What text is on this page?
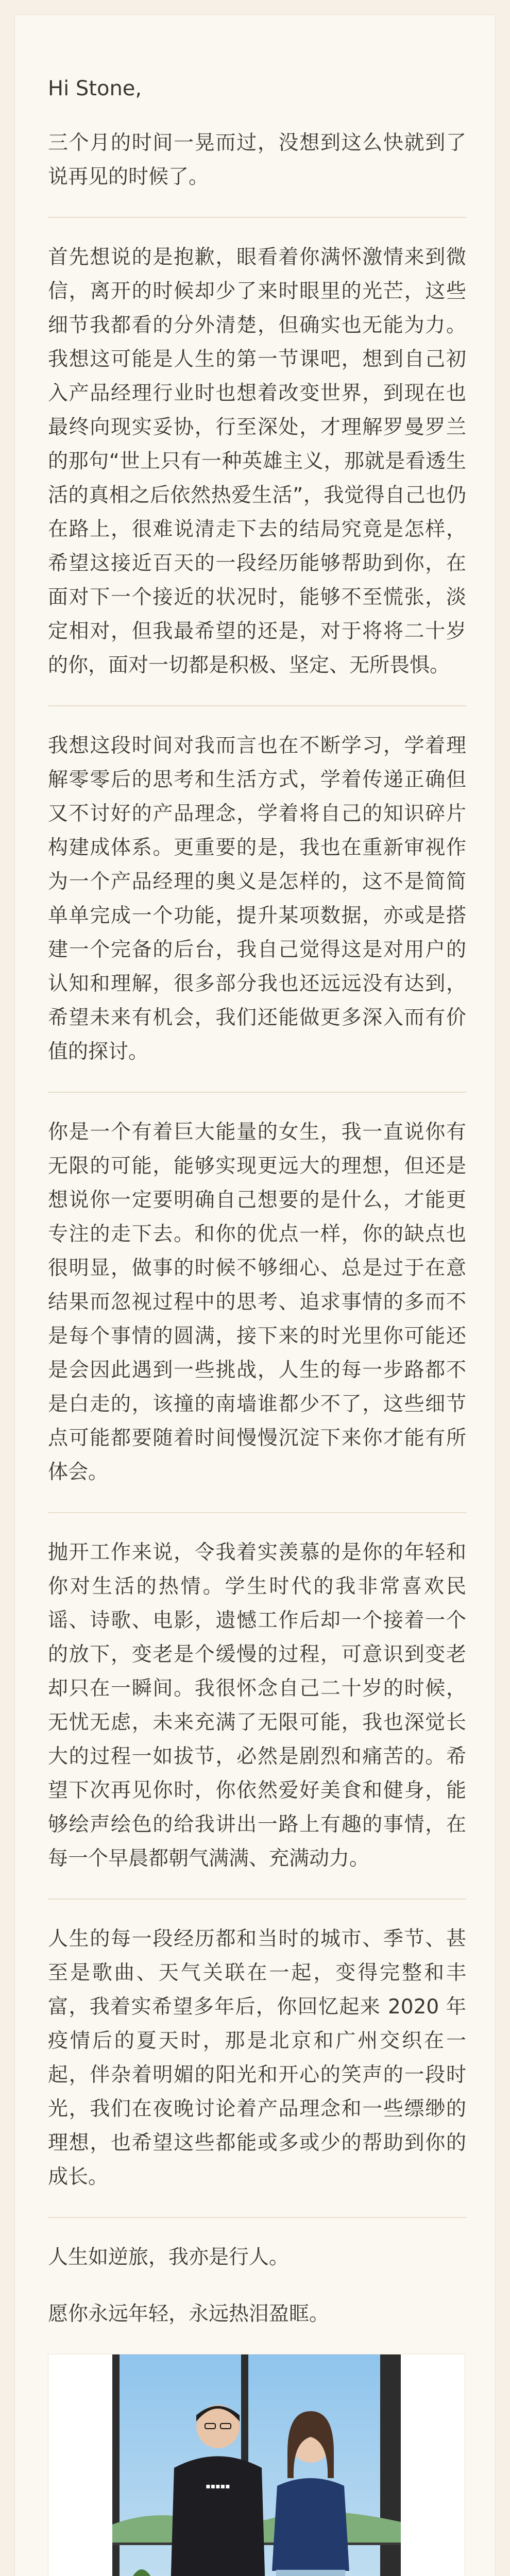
Hi Stone,
三个月的时间一晃而过，没想到这么快就到了说再见的时候了。
首先想说的是抱歉，眼看着你满怀激情来到微信，离开的时候却少了来时眼里的光芒，这些细节我都看的分外清楚，但确实也无能为力。我想这可能是人生的第一节课吧，想到自己初入产品经理行业时也想着改变世界，到现在也最终向现实妥协，行至深处，才理解罗曼罗兰的那句“世上只有一种英雄主义，那就是看透生活的真相之后依然热爱生活”，我觉得自己也仍在路上，很难说清走下去的结局究竟是怎样，希望这接近百天的一段经历能够帮助到你，在面对下一个接近的状况时，能够不至慌张，淡定相对，但我最希望的还是，对于将将二十岁的你，面对一切都是积极、坚定、无所畏惧。
我想这段时间对我而言也在不断学习，学着理解零零后的思考和生活方式，学着传递正确但又不讨好的产品理念，学着将自己的知识碎片构建成体系。更重要的是，我也在重新审视作为一个产品经理的奥义是怎样的，这不是简简单单完成一个功能，提升某项数据，亦或是搭建一个完备的后台，我自己觉得这是对用户的认知和理解，很多部分我也还远远没有达到，希望未来有机会，我们还能做更多深入而有价值的探讨。
你是一个有着巨大能量的女生，我一直说你有无限的可能，能够实现更远大的理想，但还是想说你一定要明确自己想要的是什么，才能更专注的走下去。和你的优点一样，你的缺点也很明显，做事的时候不够细心、总是过于在意结果而忽视过程中的思考、追求事情的多而不是每个事情的圆满，接下来的时光里你可能还是会因此遇到一些挑战，人生的每一步路都不是白走的，该撞的南墙谁都少不了，这些细节点可能都要随着时间慢慢沉淀下来你才能有所体会。
抛开工作来说，令我着实羡慕的是你的年轻和你对生活的热情。学生时代的我非常喜欢民谣、诗歌、电影，遗憾工作后却一个接着一个的放下，变老是个缓慢的过程，可意识到变老却只在一瞬间。我很怀念自己二十岁的时候，无忧无虑，未来充满了无限可能，我也深觉长大的过程一如拔节，必然是剧烈和痛苦的。希望下次再见你时，你依然爱好美食和健身，能够绘声绘色的给我讲出一路上有趣的事情，在每一个早晨都朝气满满、充满动力。
人生的每一段经历都和当时的城市、季节、甚至是歌曲、天气关联在一起，变得完整和丰富，我着实希望多年后，你回忆起来 2020 年疫情后的夏天时，那是北京和广州交织在一起，伴杂着明媚的阳光和开心的笑声的一段时光，我们在夜晚讨论着产品理念和一些缥缈的理想，也希望这些都能或多或少的帮助到你的成长。
人生如逆旅，我亦是行人。
愿你永远年轻，永远热泪盈眶。
▪▪▪▪▪
